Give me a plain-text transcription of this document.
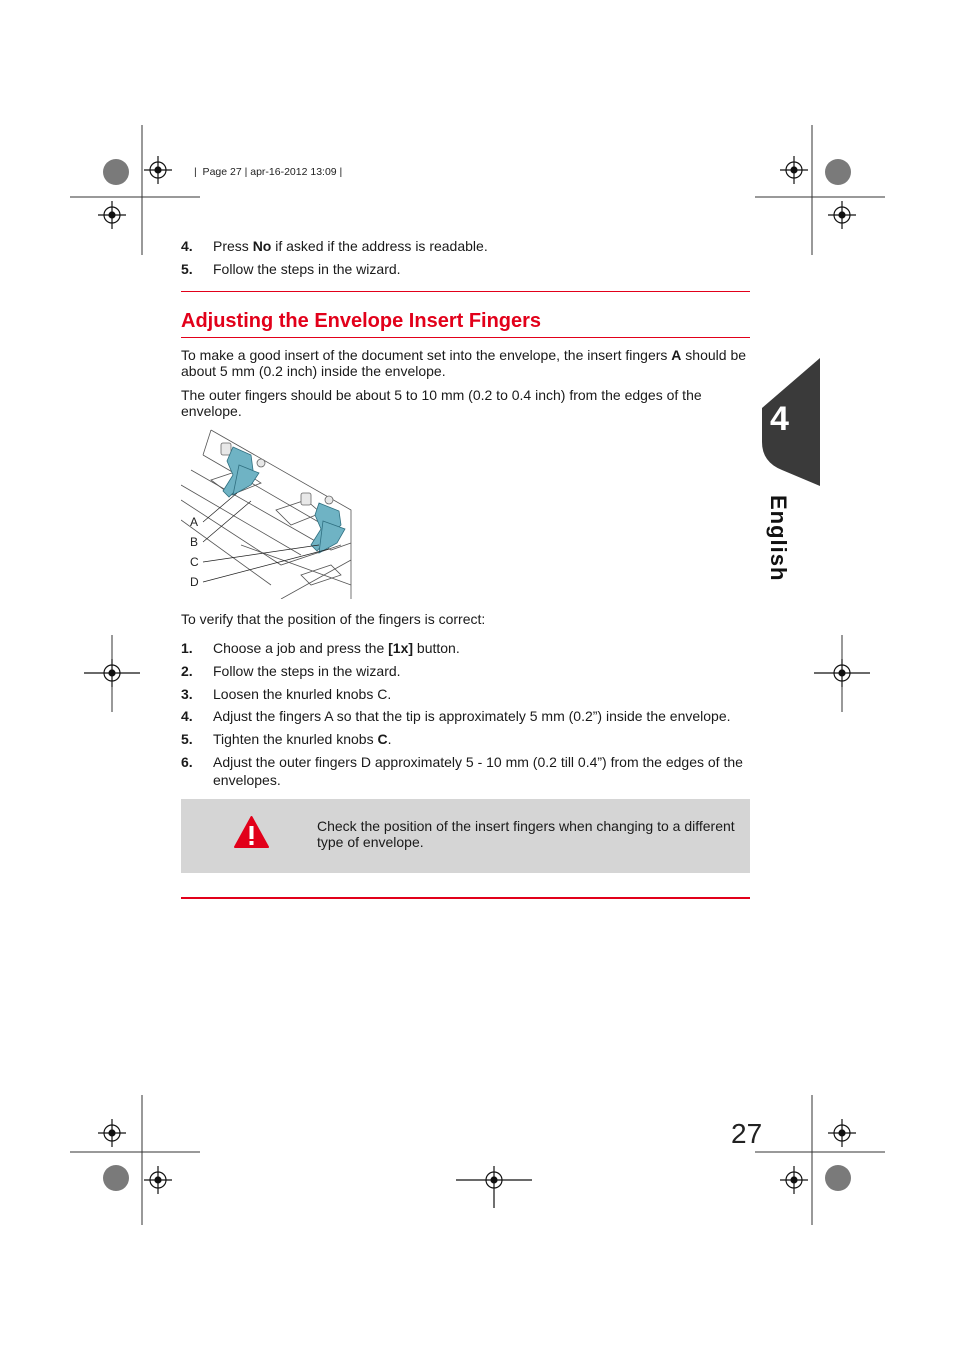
|  Page 27 | apr-16-2012 13:09 |
4. Press No if asked if the address is readable.
5. Follow the steps in the wizard.
Adjusting the Envelope Insert Fingers
To make a good insert of the document set into the envelope, the insert fingers A should be about 5 mm (0.2 inch) inside the envelope.
The outer fingers should be about 5 to 10 mm (0.2 to 0.4 inch) from the edges of the envelope.
A
B
C
D
To verify that the position of the fingers is correct:
1. Choose a job and press the [1x] button.
2. Follow the steps in the wizard.
3. Loosen the knurled knobs C.
4. Adjust the fingers A so that the tip is approximately 5 mm (0.2”) inside the envelope.
5. Tighten the knurled knobs C.
6. Adjust the outer fingers D approximately 5 - 10 mm (0.2 till 0.4”) from the edges of the envelopes.
Check the position of the insert fingers when changing to a different type of envelope.
4
English
27
